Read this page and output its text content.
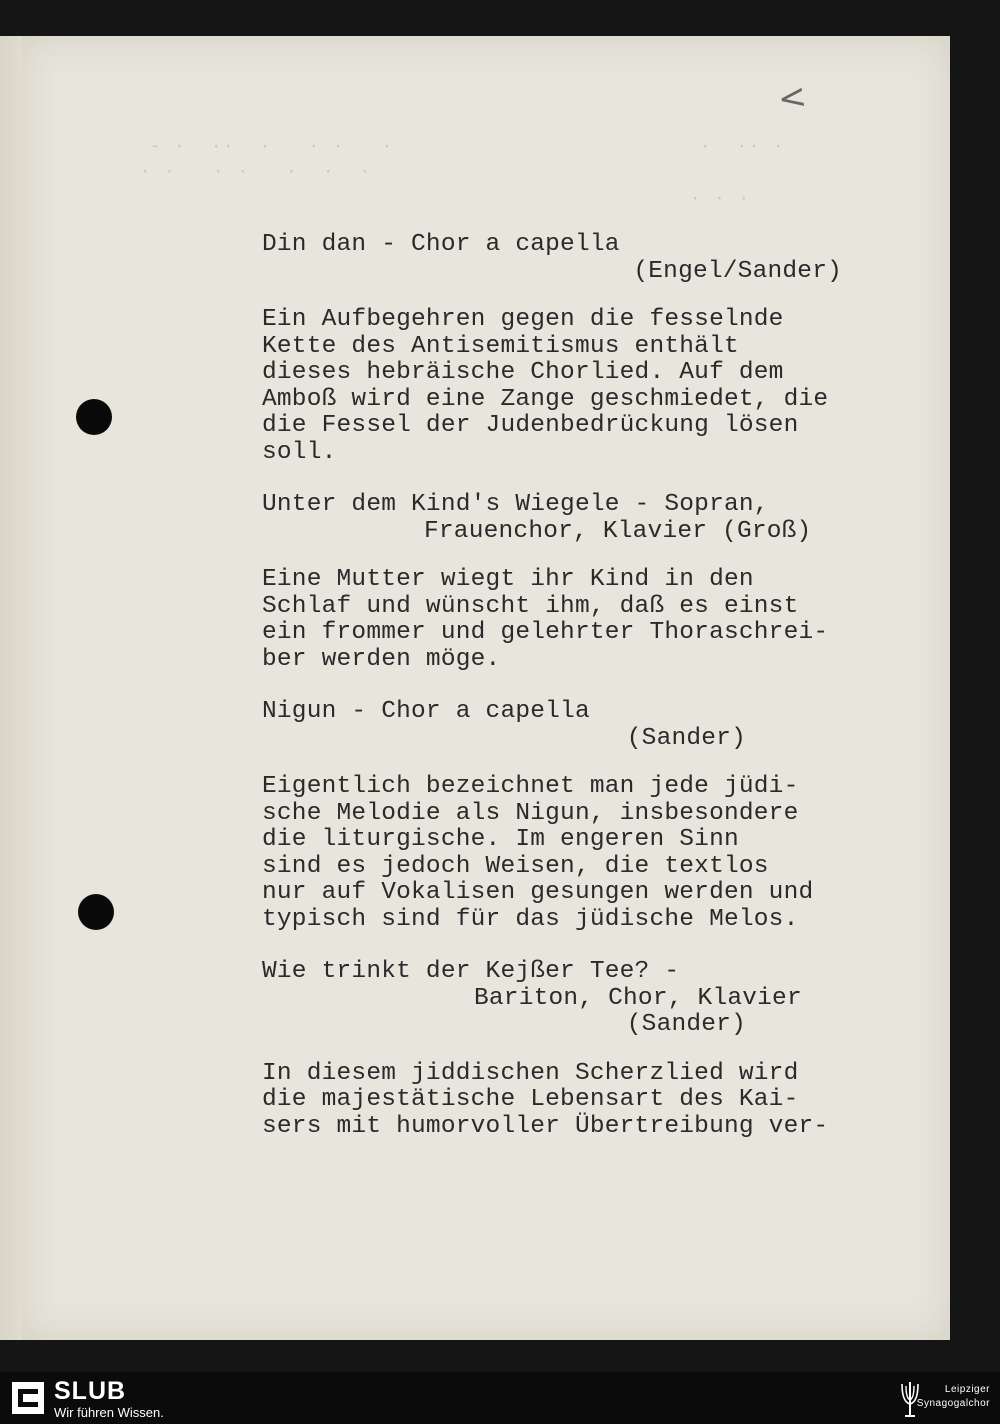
- ·  ··  ·   · ·   ·
· ·   · ·   ·  ·  ·
·  ·· ·
· · ·
<
Din dan - Chor a capella
(Engel/Sander)
Ein Aufbegehren gegen die fesselnde
Kette des Antisemitismus enthält
dieses hebräische Chorlied. Auf dem
Amboß wird eine Zange geschmiedet, die
die Fessel der Judenbedrückung lösen
soll.
Unter dem Kind's Wiegele - Sopran,
Frauenchor, Klavier (Groß)
Eine Mutter wiegt ihr Kind in den
Schlaf und wünscht ihm, daß es einst
ein frommer und gelehrter Thoraschrei-
ber werden möge.
Nigun - Chor a capella
(Sander)
Eigentlich bezeichnet man jede jüdi-
sche Melodie als Nigun, insbesondere
die liturgische. Im engeren Sinn
sind es jedoch Weisen, die textlos
nur auf Vokalisen gesungen werden und
typisch sind für das jüdische Melos.
Wie trinkt der Kejßer Tee? -
Bariton, Chor, Klavier
(Sander)
In diesem jiddischen Scherzlied wird
die majestätische Lebensart des Kai-
sers mit humorvoller Übertreibung ver-
SLUB
Wir führen Wissen.
Leipziger
Synagogalchor
